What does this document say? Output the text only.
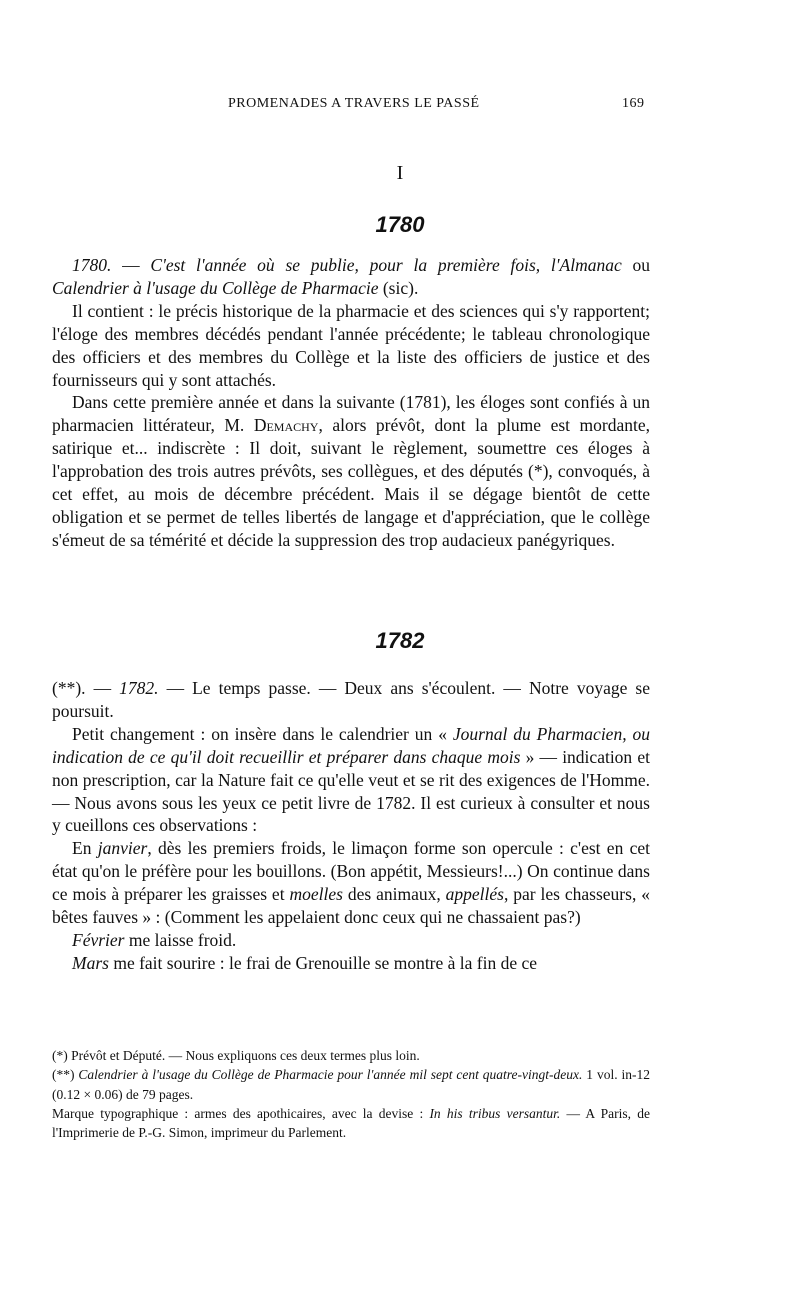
PROMENADES A TRAVERS LE PASSÉ	169
I
1780

1780. — C'est l'année où se publie, pour la première fois, l'Almanac ou Calendrier à l'usage du Collège de Pharmacie (sic).

Il contient : le précis historique de la pharmacie et des sciences qui s'y rapportent; l'éloge des membres décédés pendant l'année précédente; le tableau chronologique des officiers et des membres du Collège et la liste des officiers de justice et des fournisseurs qui y sont attachés.

Dans cette première année et dans la suivante (1781), les éloges sont confiés à un pharmacien littérateur, M. Demachy, alors prévôt, dont la plume est mordante, satirique et... indiscrète : Il doit, suivant le règlement, soumettre ces éloges à l'approbation des trois autres prévôts, ses collègues, et des députés (*), convoqués, à cet effet, au mois de décembre précédent. Mais il se dégage bientôt de cette obligation et se permet de telles libertés de langage et d'appréciation, que le collège s'émeut de sa témérité et décide la suppression des trop audacieux panégyriques.

1782

(**). — 1782. — Le temps passe. — Deux ans s'écoulent. — Notre voyage se poursuit.

Petit changement : on insère dans le calendrier un « Journal du Pharmacien, ou indication de ce qu'il doit recueillir et préparer dans chaque mois » — indication et non prescription, car la Nature fait ce qu'elle veut et se rit des exigences de l'Homme. — Nous avons sous les yeux ce petit livre de 1782. Il est curieux à consulter et nous y cueillons ces observations :

En janvier, dès les premiers froids, le limaçon forme son opercule : c'est en cet état qu'on le préfère pour les bouillons. (Bon appétit, Messieurs!...) On continue dans ce mois à préparer les graisses et moelles des animaux, appellés, par les chasseurs, « bêtes fauves » : (Comment les appelaient donc ceux qui ne chassaient pas?)

Février me laisse froid.

Mars me fait sourire : le frai de Grenouille se montre à la fin de ce

(*) Prévôt et Député. — Nous expliquons ces deux termes plus loin.

(**) Calendrier à l'usage du Collège de Pharmacie pour l'année mil sept cent quatre-vingt-deux. 1 vol. in-12 (0.12 × 0.06) de 79 pages.

Marque typographique : armes des apothicaires, avec la devise : In his tribus versantur. — A Paris, de l'Imprimerie de P.-G. Simon, imprimeur du Parlement.
